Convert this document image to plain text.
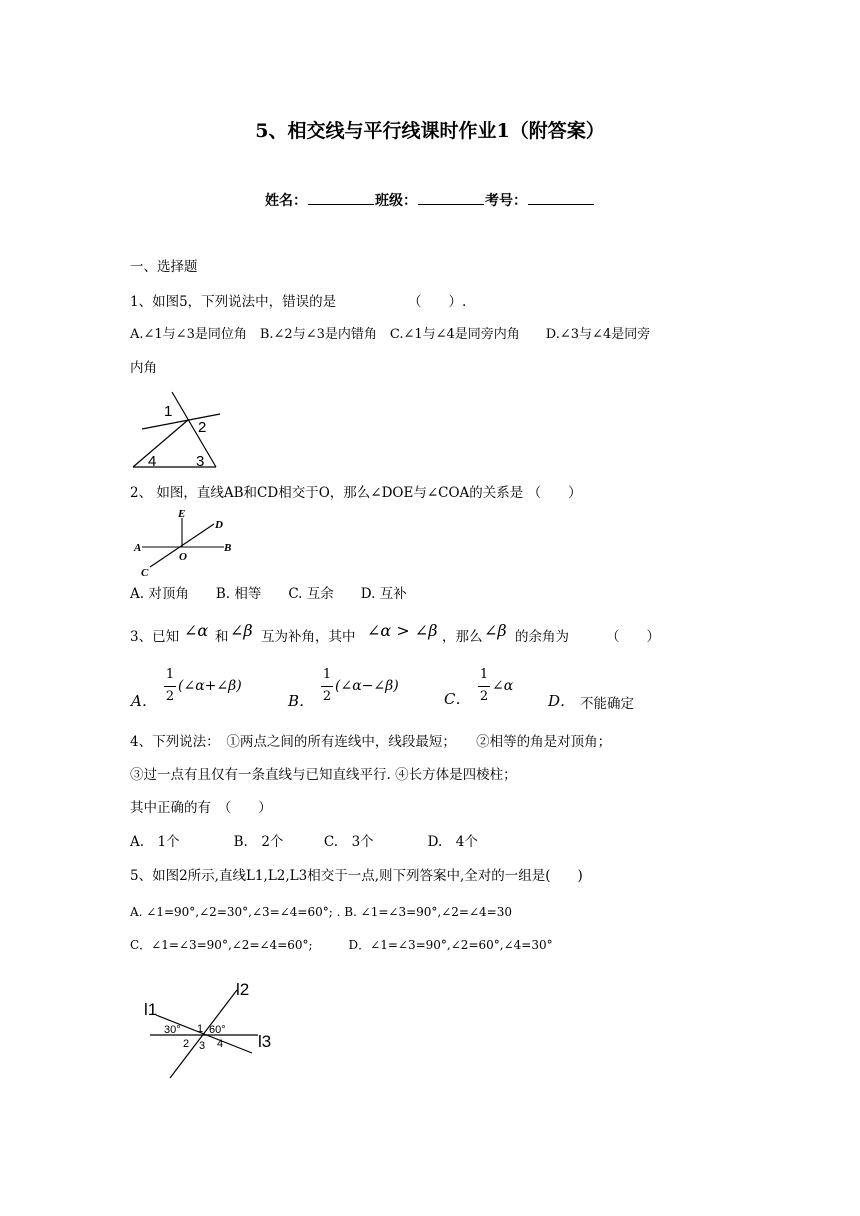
5、相交线与平行线课时作业1（附答案）
姓名：	班级：	考号：
一、选择题
1、如图5，下列说法中，错误的是	（　　）.
A.∠1与∠3是同位角　B.∠2与∠3是内错角　C.∠1与∠4是同旁内角　　D.∠3与∠4是同旁
内角
1
2
4	3
2、 如图，直线AB和CD相交于O，那么∠DOE与∠COA的关系是 （　　）
E
D
A
O
B
C
A. 对顶角　　B. 相等　　C. 互余　　D. 互补
3、已知 ∠α 和 ∠β 互为补角，其中 ∠α > ∠β ，那么 ∠β 的余角为	（　　）
A．
1
2
(∠α+∠β)
B．
1
2
(∠α−∠β)
C．
1
2
∠α
D． 不能确定
4、下列说法：　①两点之间的所有连线中，线段最短；　　②相等的角是对顶角；
③过一点有且仅有一条直线与已知直线平行. ④长方体是四棱柱；
其中正确的有　（　　）
A.　1个　　　　B.　2个　　　C.　3个　　　　D.　4个
5、如图2所示,直线L1,L2,L3相交于一点,则下列答案中,全对的一组是(　　)
A. ∠1=90°,∠2=30°,∠3=∠4=60°; . B. ∠1=∠3=90°,∠2=∠4=30
C．∠1=∠3=90°,∠2=∠4=60°;　　　D．∠1=∠3=90°,∠2=60°,∠4=30°
l2
l1
l3
30° 1 60°
2 3 4
